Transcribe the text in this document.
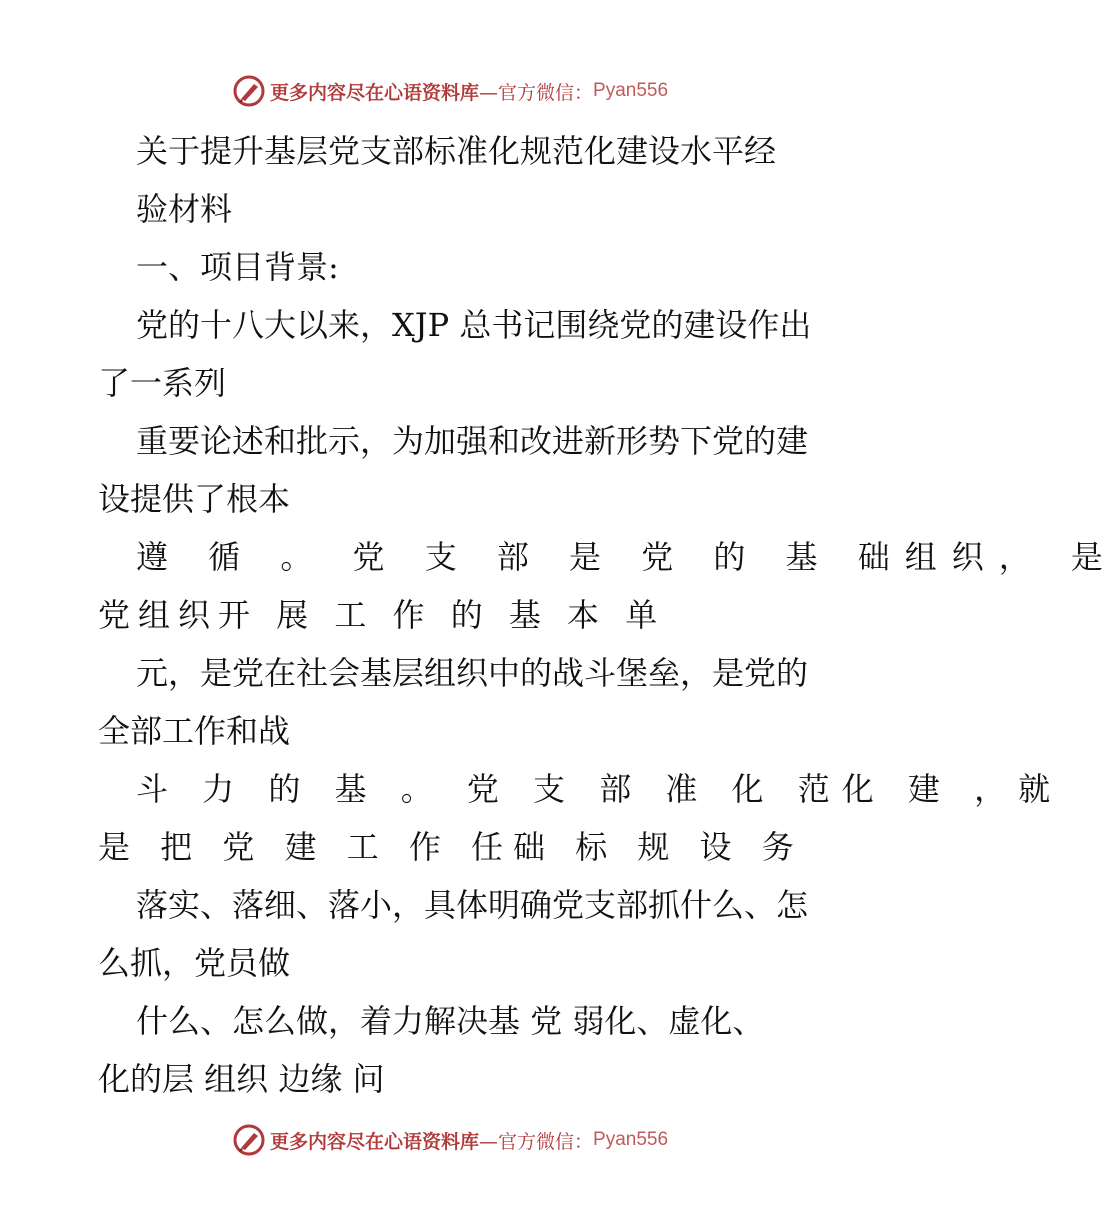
更多内容尽在心语资料库 —官方微信： Pyan556
关于提升基层党支部标准化规范化建设水平经
验材料
一、项目背景:
党的十八大以来，XJP 总书记围绕党的建设作出
了一系列
重要论述和批示，为加强和改进新形势下党的建
设提供了根本
遵 循 。 党 支 部 是 党 的 基 础组织， 是
党组织开 展 工 作 的 基 本 单
元，是党在社会基层组织中的战斗堡垒，是党的
全部工作和战
斗 力 的 基 。 党 支 部 准 化 范化 建 ，就
是 把 党 建 工 作 任础 标 规 设 务
落实、落细、落小，具体明确党支部抓什么、怎
么抓，党员做
什么、怎么做，着力解决基 党 弱化、虚化、
化的层 组织 边缘 问
更多内容尽在心语资料库 —官方微信： Pyan556
